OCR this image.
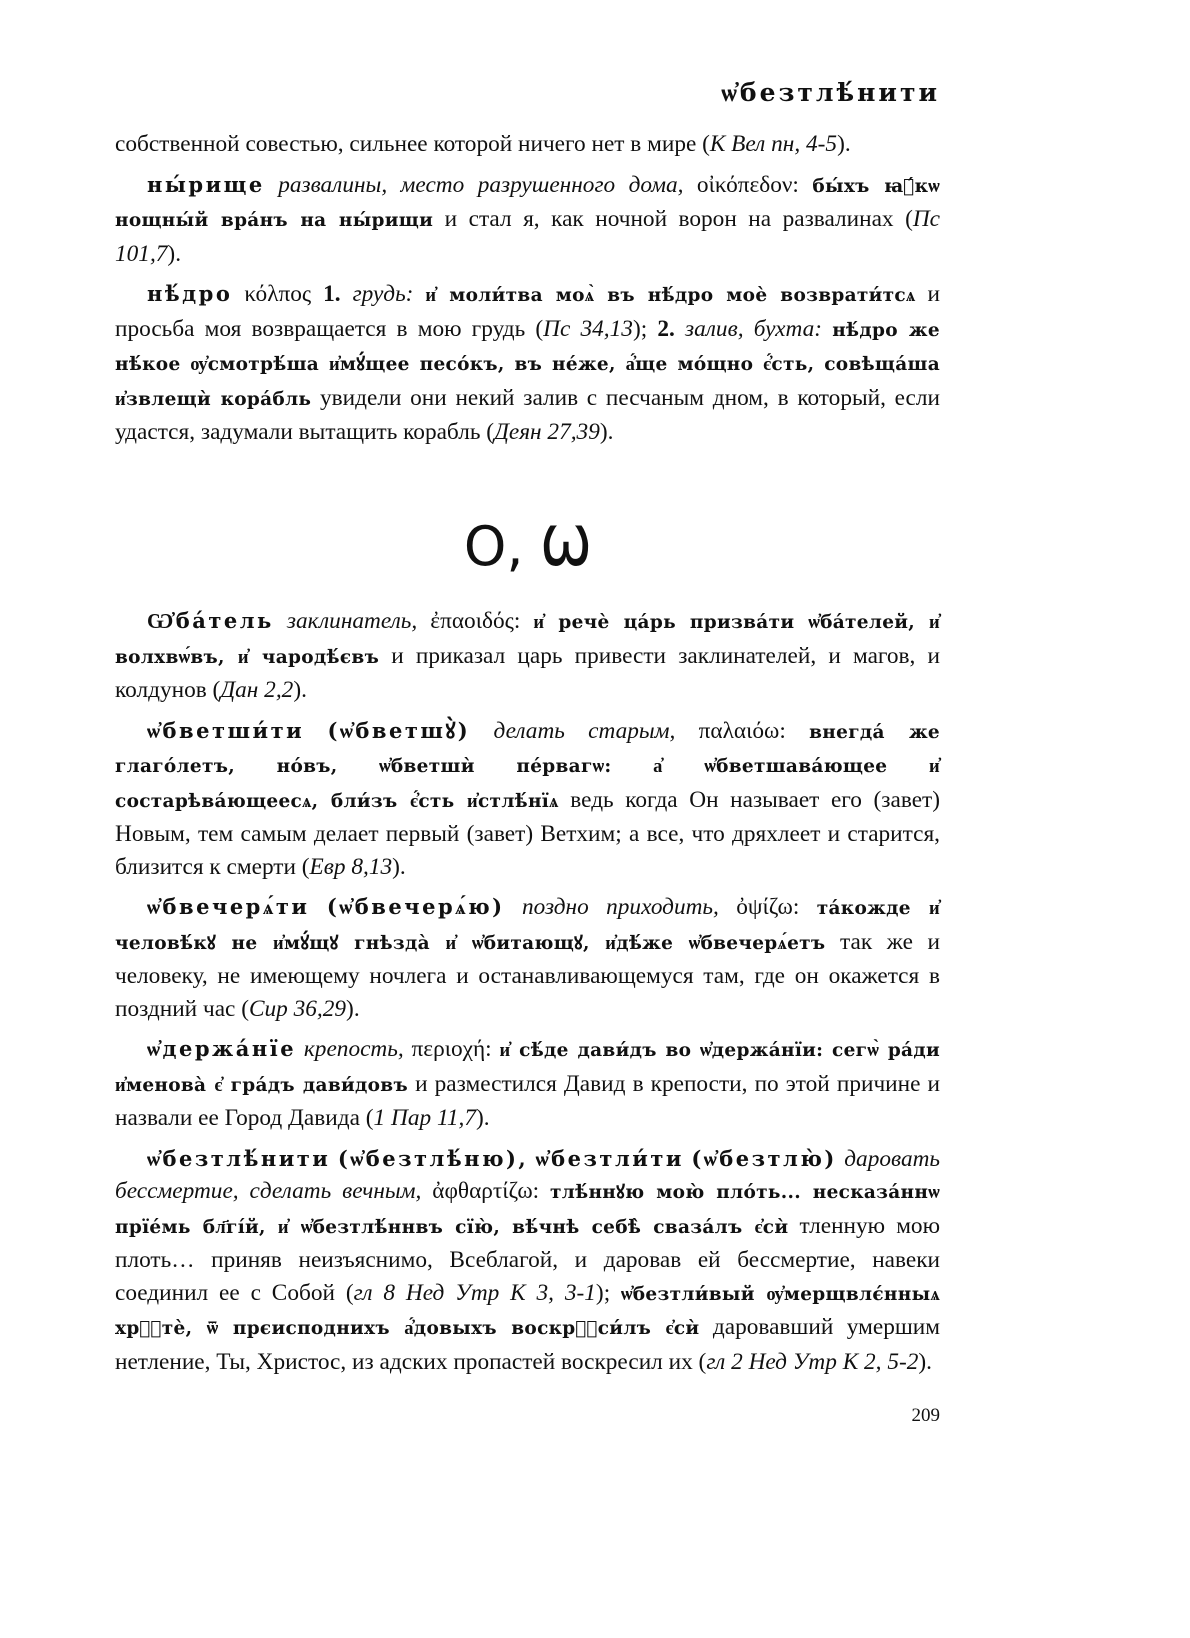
ѡ҆безтлѣ́нити

собственной совестью, сильнее которой ничего нет в мире (К Вел пн, 4-5).

ны́рище развалины, место разрушенного дома, οἰκόπεδον: бы́хъ ꙗ҆́кѡ нощны́й вра́нъ на ны́рищи и стал я, как ночной ворон на развалинах (Пс 101,7).

нѣ́дро κόλπος 1. грудь: и҆ моли́тва моѧ̀ въ нѣ́дро моѐ возврати́тсѧ и просьба моя возвращается в мою грудь (Пс 34,13); 2. залив, бухта: нѣ́дро же нѣ́кое ѹ҆смотрѣ́ша и҆мꙋ́щее песо́къ, въ не́же, а҆́ще мо́щно є҆́сть, совѣща́ша и҆звлещѝ кора́бль увидели они некий залив с песчаным дном, в который, если удастся, задумали вытащить корабль (Деян 27,39).

О, Ѡ

Ѡ҆ба́тель заклинатель, ἐπαοιδός: и҆ речѐ ца́рь призва́ти ѡ҆ба́телей, и҆ волхвѡ́въ, и҆ чародѣ́євъ и приказал царь привести заклинателей, и магов, и колдунов (Дан 2,2).

ѡ҆бветши́ти (ѡ҆бветшꙋ̀) делать старым, παλαιόω: внегда́ же глаго́летъ, но́въ, ѡ҆бветшѝ пе́рвагѡ: а҆ ѡ҆бветшава́ющее и҆ состарѣва́ющеесѧ, бли́зъ є҆́сть и҆стлѣ́нїѧ ведь когда Он называет его (завет) Новым, тем самым делает первый (завет) Ветхим; а все, что дряхлеет и старится, близится к смерти (Евр 8,13).

ѡ҆бвечерѧ́ти (ѡ҆бвечерѧ́ю) поздно приходить, ὀψίζω: та́кожде и҆ человѣ́кꙋ не и҆мꙋ́щꙋ гнѣзда̀ и҆ ѡ҆битающꙋ, и҆дѣ́же ѡ҆бвечерѧ́етъ так же и человеку, не имеющему ночлега и останавливающемуся там, где он окажется в поздний час (Сир 36,29).

ѡ҆держа́нїе крепость, περιοχή: и҆ сѣ́де дави́дъ во ѡ҆держа́нїи: сегѡ̀ ра́ди и҆менова̀ є҆ гра́дъ дави́довъ и разместился Давид в крепости, по этой причине и назвали ее Город Давида (1 Пар 11,7).

ѡ҆безтлѣ́нити (ѡ҆безтлѣ́ню), ѡ҆безтли́ти (ѡ҆безтлю̀) даровать бессмертие, сделать вечным, ἀφθαρτίζω: тлѣ́ннꙋю мою̀ пло́ть... несказа́ннѡ прїе́мь бл҃гі́й, и҆ ѡ҆безтлѣ́ннвъ сїю̀, вѣ́чнѣ себѣ̀ сваза́лъ є҆сѝ тленную мою плоть… приняв неизъяснимо, Всеблагой, и даровав ей бессмертие, навеки соединил ее с Собой (гл 8 Нед Утр К 3, 3-1); ѡ҆безтли́вый ѹ҆мерщвлє́нныѧ хрⷭ҇тѐ, ѿ прєисподнихъ а҆́довыхъ воскрⷭ҇си́лъ є҆сѝ даровавший умершим нетление, Ты, Христос, из адских пропастей воскресил их (гл 2 Нед Утр К 2, 5-2).

209
